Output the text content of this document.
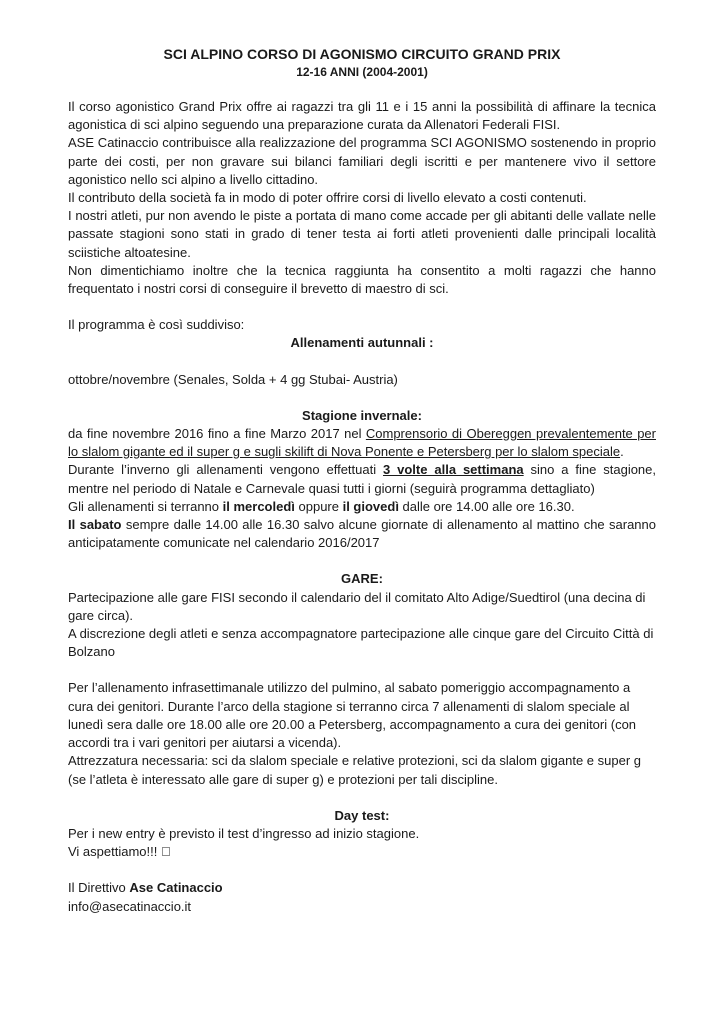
SCI ALPINO CORSO DI AGONISMO CIRCUITO GRAND PRIX
12-16 ANNI (2004-2001)

Il corso agonistico Grand Prix offre ai ragazzi tra gli 11 e i 15 anni la possibilità di affinare la tecnica agonistica di sci alpino seguendo una preparazione curata da Allenatori Federali FISI.

ASE Catinaccio contribuisce alla realizzazione del programma SCI AGONISMO sostenendo in proprio parte dei costi, per non gravare sui bilanci familiari degli iscritti e per mantenere vivo il settore agonistico nello sci alpino a livello cittadino.

Il contributo della società fa in modo di poter offrire corsi di livello elevato a costi contenuti.

I nostri atleti, pur non avendo le piste a portata di mano come accade per gli abitanti delle vallate nelle passate stagioni sono stati in grado di tener testa ai forti atleti provenienti dalle principali località sciistiche altoatesine.

Non dimentichiamo inoltre che la tecnica raggiunta ha consentito a molti ragazzi che hanno frequentato i nostri corsi di conseguire il brevetto di maestro di sci.

Il programma è così suddiviso:

Allenamenti autunnali :

ottobre/novembre (Senales, Solda + 4 gg Stubai- Austria)

Stagione invernale:

da fine novembre 2016 fino a fine Marzo 2017 nel Comprensorio di Obereggen prevalentemente per lo slalom gigante ed il super g e sugli skilift di Nova Ponente e Petersberg per lo slalom speciale.

Durante l’inverno gli allenamenti vengono effettuati 3 volte alla settimana sino a fine stagione, mentre nel periodo di Natale e Carnevale quasi tutti i giorni (seguirà programma dettagliato)

Gli allenamenti si terranno il mercoledì oppure il giovedì dalle ore 14.00 alle ore 16.30.

Il sabato sempre dalle 14.00 alle 16.30 salvo alcune giornate di allenamento al mattino che saranno anticipatamente comunicate nel calendario 2016/2017

GARE:

Partecipazione alle gare FISI secondo il calendario del il comitato Alto Adige/Suedtirol (una decina di gare circa).

A discrezione degli atleti e senza accompagnatore partecipazione alle cinque gare del Circuito Città di Bolzano

Per l’allenamento infrasettimanale utilizzo del pulmino, al sabato pomeriggio accompagnamento a cura dei genitori. Durante l’arco della stagione si terranno circa 7 allenamenti di slalom speciale al lunedì sera dalle ore 18.00 alle ore 20.00 a Petersberg, accompagnamento a cura dei genitori (con accordi tra i vari genitori per aiutarsi a vicenda).

Attrezzatura necessaria: sci da slalom speciale e relative protezioni, sci da slalom gigante e super g (se l’atleta è interessato alle gare di super g) e protezioni per tali discipline.

Day test:

Per i new entry è previsto il test d’ingresso ad inizio stagione.

Vi aspettiamo!!!

Il Direttivo Ase Catinaccio

info@asecatinaccio.it
